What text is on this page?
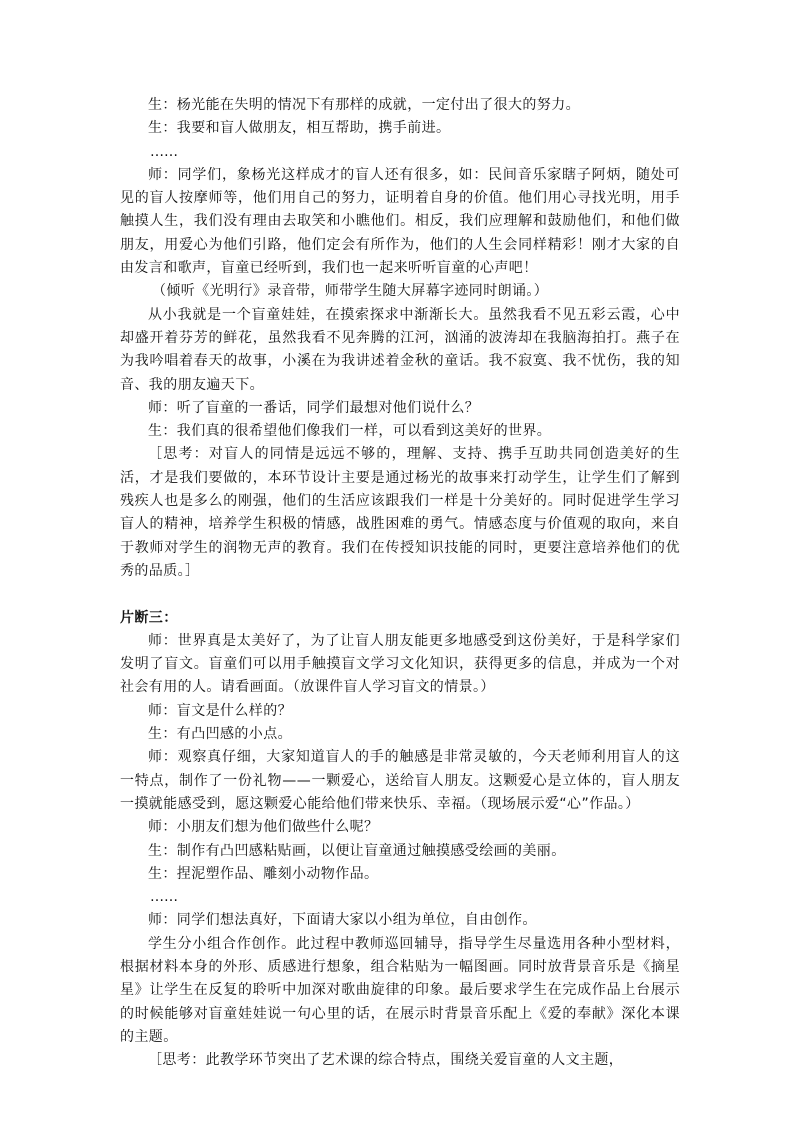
生：杨光能在失明的情况下有那样的成就，一定付出了很大的努力。

生：我要和盲人做朋友，相互帮助，携手前进。

……

师：同学们，象杨光这样成才的盲人还有很多，如：民间音乐家瞎子阿炳，随处可见的盲人按摩师等，他们用自己的努力，证明着自身的价值。他们用心寻找光明，用手触摸人生，我们没有理由去取笑和小瞧他们。相反，我们应理解和鼓励他们，和他们做朋友，用爱心为他们引路，他们定会有所作为，他们的人生会同样精彩！刚才大家的自由发言和歌声，盲童已经听到，我们也一起来听听盲童的心声吧！

（倾听《光明行》录音带，师带学生随大屏幕字迹同时朗诵。）

从小我就是一个盲童娃娃，在摸索探求中渐渐长大。虽然我看不见五彩云霞，心中却盛开着芬芳的鲜花，虽然我看不见奔腾的江河，汹涌的波涛却在我脑海拍打。燕子在为我吟唱着春天的故事，小溪在为我讲述着金秋的童话。我不寂寞、我不忧伤，我的知音、我的朋友遍天下。

师：听了盲童的一番话，同学们最想对他们说什么？

生：我们真的很希望他们像我们一样，可以看到这美好的世界。

［思考：对盲人的同情是远远不够的，理解、支持、携手互助共同创造美好的生活，才是我们要做的，本环节设计主要是通过杨光的故事来打动学生，让学生们了解到残疾人也是多么的刚强，他们的生活应该跟我们一样是十分美好的。同时促进学生学习盲人的精神，培养学生积极的情感，战胜困难的勇气。情感态度与价值观的取向，来自于教师对学生的润物无声的教育。我们在传授知识技能的同时，更要注意培养他们的优秀的品质。］

片断三：

师：世界真是太美好了，为了让盲人朋友能更多地感受到这份美好，于是科学家们发明了盲文。盲童们可以用手触摸盲文学习文化知识，获得更多的信息，并成为一个对社会有用的人。请看画面。（放课件盲人学习盲文的情景。）

师：盲文是什么样的？

生：有凸凹感的小点。

师：观察真仔细，大家知道盲人的手的触感是非常灵敏的，今天老师利用盲人的这一特点，制作了一份礼物——一颗爱心，送给盲人朋友。这颗爱心是立体的，盲人朋友一摸就能感受到，愿这颗爱心能给他们带来快乐、幸福。（现场展示爱“心”作品。）

师：小朋友们想为他们做些什么呢？

生：制作有凸凹感粘贴画，以便让盲童通过触摸感受绘画的美丽。

生：捏泥塑作品、雕刻小动物作品。

……

师：同学们想法真好，下面请大家以小组为单位，自由创作。

学生分小组合作创作。此过程中教师巡回辅导，指导学生尽量选用各种小型材料，根据材料本身的外形、质感进行想象，组合粘贴为一幅图画。同时放背景音乐是《摘星星》让学生在反复的聆听中加深对歌曲旋律的印象。最后要求学生在完成作品上台展示的时候能够对盲童娃娃说一句心里的话，在展示时背景音乐配上《爱的奉献》深化本课的主题。

［思考：此教学环节突出了艺术课的综合特点，围绕关爱盲童的人文主题，
